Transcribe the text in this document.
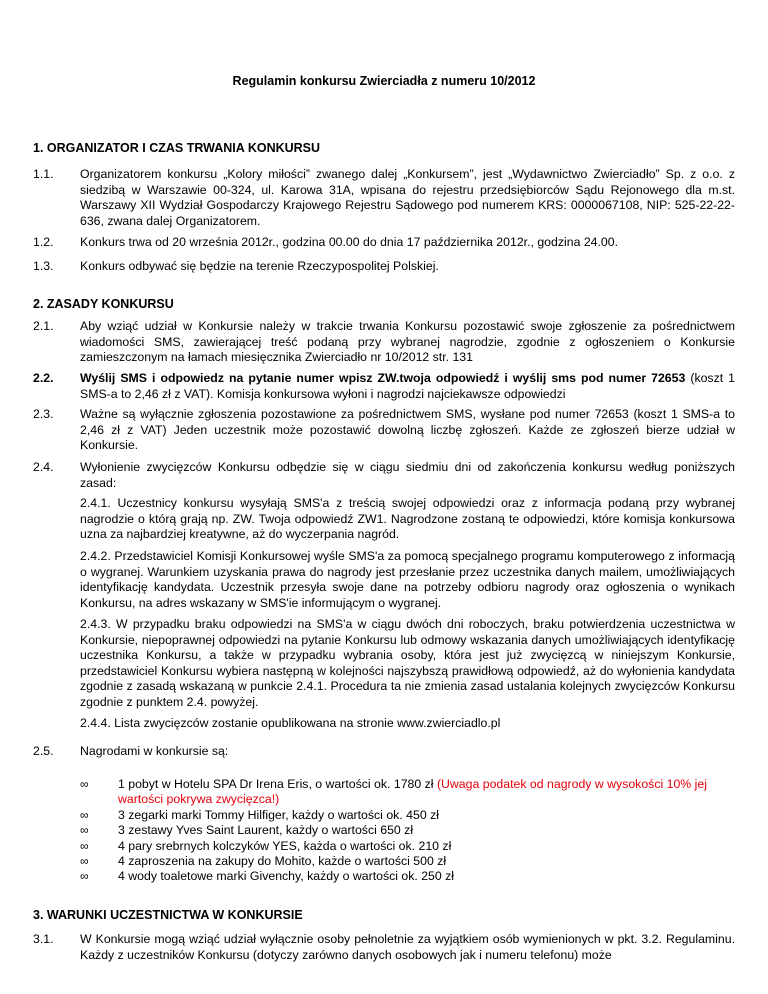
Regulamin konkursu Zwierciadła z numeru 10/2012
1. ORGANIZATOR I CZAS TRWANIA KONKURSU
1.1.	Organizatorem konkursu „Kolory miłości” zwanego dalej „Konkursem”, jest „Wydawnictwo Zwierciadło” Sp. z o.o. z siedzibą w Warszawie 00-324, ul. Karowa 31A, wpisana do rejestru przedsiębiorców Sądu Rejonowego dla m.st. Warszawy XII Wydział Gospodarczy Krajowego Rejestru Sądowego pod numerem KRS: 0000067108, NIP: 525-22-22-636, zwana dalej Organizatorem.
1.2.	Konkurs trwa od 20 września 2012r., godzina 00.00 do dnia 17 października 2012r., godzina 24.00.
1.3.	Konkurs odbywać się będzie na terenie Rzeczypospolitej Polskiej.
2. ZASADY KONKURSU
2.1.	Aby wziąć udział w Konkursie należy w trakcie trwania Konkursu pozostawić swoje zgłoszenie za pośrednictwem wiadomości SMS, zawierającej treść podaną przy wybranej nagrodzie, zgodnie z ogłoszeniem o Konkursie zamieszczonym na łamach miesięcznika Zwierciadło nr 10/2012 str. 131
2.2.	Wyślij SMS i odpowiedz na pytanie numer wpisz ZW.twoja odpowiedź i wyślij sms pod numer 72653 (koszt 1 SMS-a to 2,46 zł z VAT). Komisja konkursowa wyłoni i nagrodzi najciekawsze odpowiedzi
2.3.	Ważne są wyłącznie zgłoszenia pozostawione za pośrednictwem SMS, wysłane pod numer 72653 (koszt 1 SMS-a to 2,46 zł z VAT) Jeden uczestnik może pozostawić dowolną liczbę zgłoszeń. Każde ze zgłoszeń bierze udział w Konkursie.
2.4.	Wyłonienie zwycięzców Konkursu odbędzie się w ciągu siedmiu dni od zakończenia konkursu według poniższych zasad:
2.4.1. Uczestnicy konkursu wysyłają SMS'a z treścią swojej odpowiedzi oraz z informacja podaną przy wybranej nagrodzie o którą grają np. ZW. Twoja odpowiedź ZW1. Nagrodzone zostaną te odpowiedzi, które komisja konkursowa uzna za najbardziej kreatywne, aż do wyczerpania nagród.
2.4.2. Przedstawiciel Komisji Konkursowej wyśle SMS'a za pomocą specjalnego programu komputerowego z informacją o wygranej. Warunkiem uzyskania prawa do nagrody jest przesłanie przez uczestnika danych mailem, umożliwiających identyfikację kandydata. Uczestnik przesyła swoje dane na potrzeby odbioru nagrody oraz ogłoszenia o wynikach Konkursu, na adres wskazany w SMS'ie informującym o wygranej.
2.4.3. W przypadku braku odpowiedzi na SMS'a w ciągu dwóch dni roboczych, braku potwierdzenia uczestnictwa w Konkursie, niepoprawnej odpowiedzi na pytanie Konkursu lub odmowy wskazania danych umożliwiających identyfikację uczestnika Konkursu, a także w przypadku wybrania osoby, która jest już zwycięzcą w niniejszym Konkursie, przedstawiciel Konkursu wybiera następną w kolejności najszybszą prawidłową odpowiedź, aż do wyłonienia kandydata zgodnie z zasadą wskazaną w punkcie 2.4.1. Procedura ta nie zmienia zasad ustalania kolejnych zwycięzców Konkursu zgodnie z punktem 2.4. powyżej.
2.4.4. Lista zwycięzców zostanie opublikowana na stronie www.zwierciadlo.pl
2.5.	Nagrodami w konkursie są:
∞ 1 pobyt w Hotelu SPA Dr Irena Eris, o wartości ok. 1780 zł (Uwaga podatek od nagrody w wysokości 10% jej wartości pokrywa zwycięzca!)
∞ 3 zegarki marki Tommy Hilfiger, każdy o wartości ok. 450 zł
∞ 3 zestawy Yves Saint Laurent, każdy o wartości 650 zł
∞ 4 pary srebrnych kolczyków YES, każda o wartości ok. 210 zł
∞ 4 zaproszenia na zakupy do Mohito, każde o wartości 500 zł
∞ 4 wody toaletowe marki Givenchy, każdy o wartości ok. 250 zł
3. WARUNKI UCZESTNICTWA W KONKURSIE
3.1.	W Konkursie mogą wziąć udział wyłącznie osoby pełnoletnie za wyjątkiem osób wymienionych w pkt. 3.2. Regulaminu. Każdy z uczestników Konkursu (dotyczy zarówno danych osobowych jak i numeru telefonu) może
